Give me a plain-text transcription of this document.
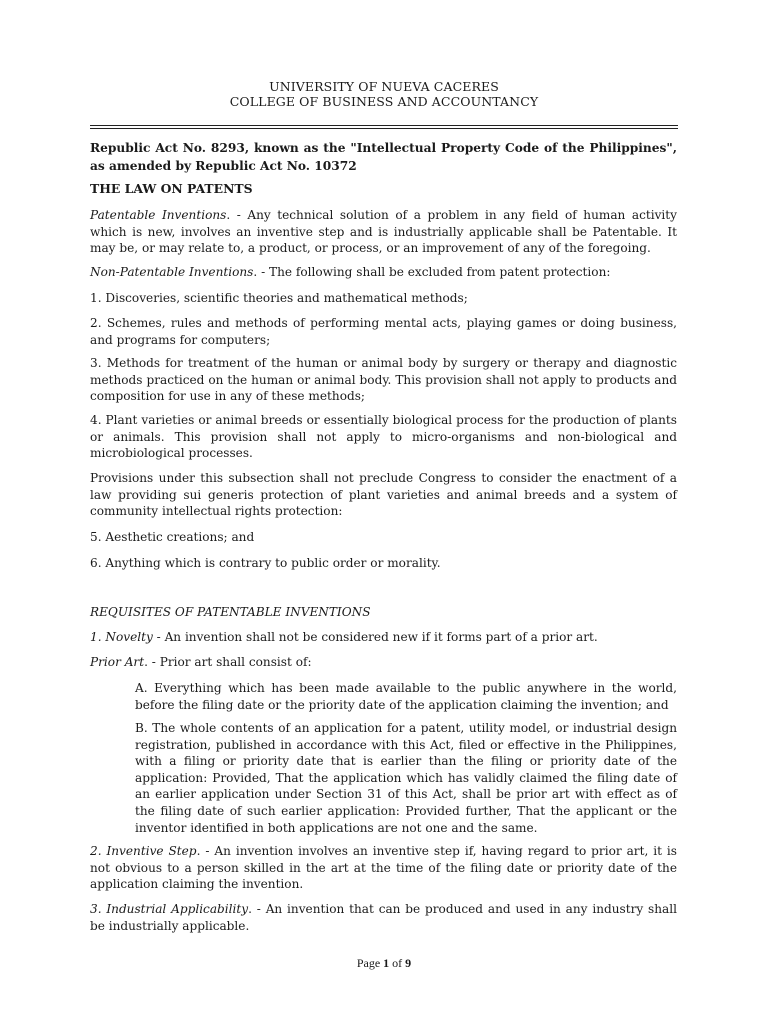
UNIVERSITY OF NUEVA CACERES
COLLEGE OF BUSINESS AND ACCOUNTANCY

Republic Act No. 8293, known as the "Intellectual Property Code of the Philippines", as amended by Republic Act No. 10372

THE LAW ON PATENTS

Patentable Inventions. - Any technical solution of a problem in any field of human activity which is new, involves an inventive step and is industrially applicable shall be Patentable. It may be, or may relate to, a product, or process, or an improvement of any of the foregoing.

Non-Patentable Inventions. - The following shall be excluded from patent protection:

1. Discoveries, scientific theories and mathematical methods;

2. Schemes, rules and methods of performing mental acts, playing games or doing business, and programs for computers;

3. Methods for treatment of the human or animal body by surgery or therapy and diagnostic methods practiced on the human or animal body. This provision shall not apply to products and composition for use in any of these methods;

4. Plant varieties or animal breeds or essentially biological process for the production of plants or animals. This provision shall not apply to micro-organisms and non-biological and microbiological processes.

Provisions under this subsection shall not preclude Congress to consider the enactment of a law providing sui generis protection of plant varieties and animal breeds and a system of community intellectual rights protection:

5. Aesthetic creations; and

6. Anything which is contrary to public order or morality.

REQUISITES OF PATENTABLE INVENTIONS

1. Novelty - An invention shall not be considered new if it forms part of a prior art.

Prior Art. - Prior art shall consist of:

A. Everything which has been made available to the public anywhere in the world, before the filing date or the priority date of the application claiming the invention; and

B. The whole contents of an application for a patent, utility model, or industrial design registration, published in accordance with this Act, filed or effective in the Philippines, with a filing or priority date that is earlier than the filing or priority date of the application: Provided, That the application which has validly claimed the filing date of an earlier application under Section 31 of this Act, shall be prior art with effect as of the filing date of such earlier application: Provided further, That the applicant or the inventor identified in both applications are not one and the same.

2. Inventive Step. - An invention involves an inventive step if, having regard to prior art, it is not obvious to a person skilled in the art at the time of the filing date or priority date of the application claiming the invention.

3. Industrial Applicability. - An invention that can be produced and used in any industry shall be industrially applicable.

Page 1 of 9
